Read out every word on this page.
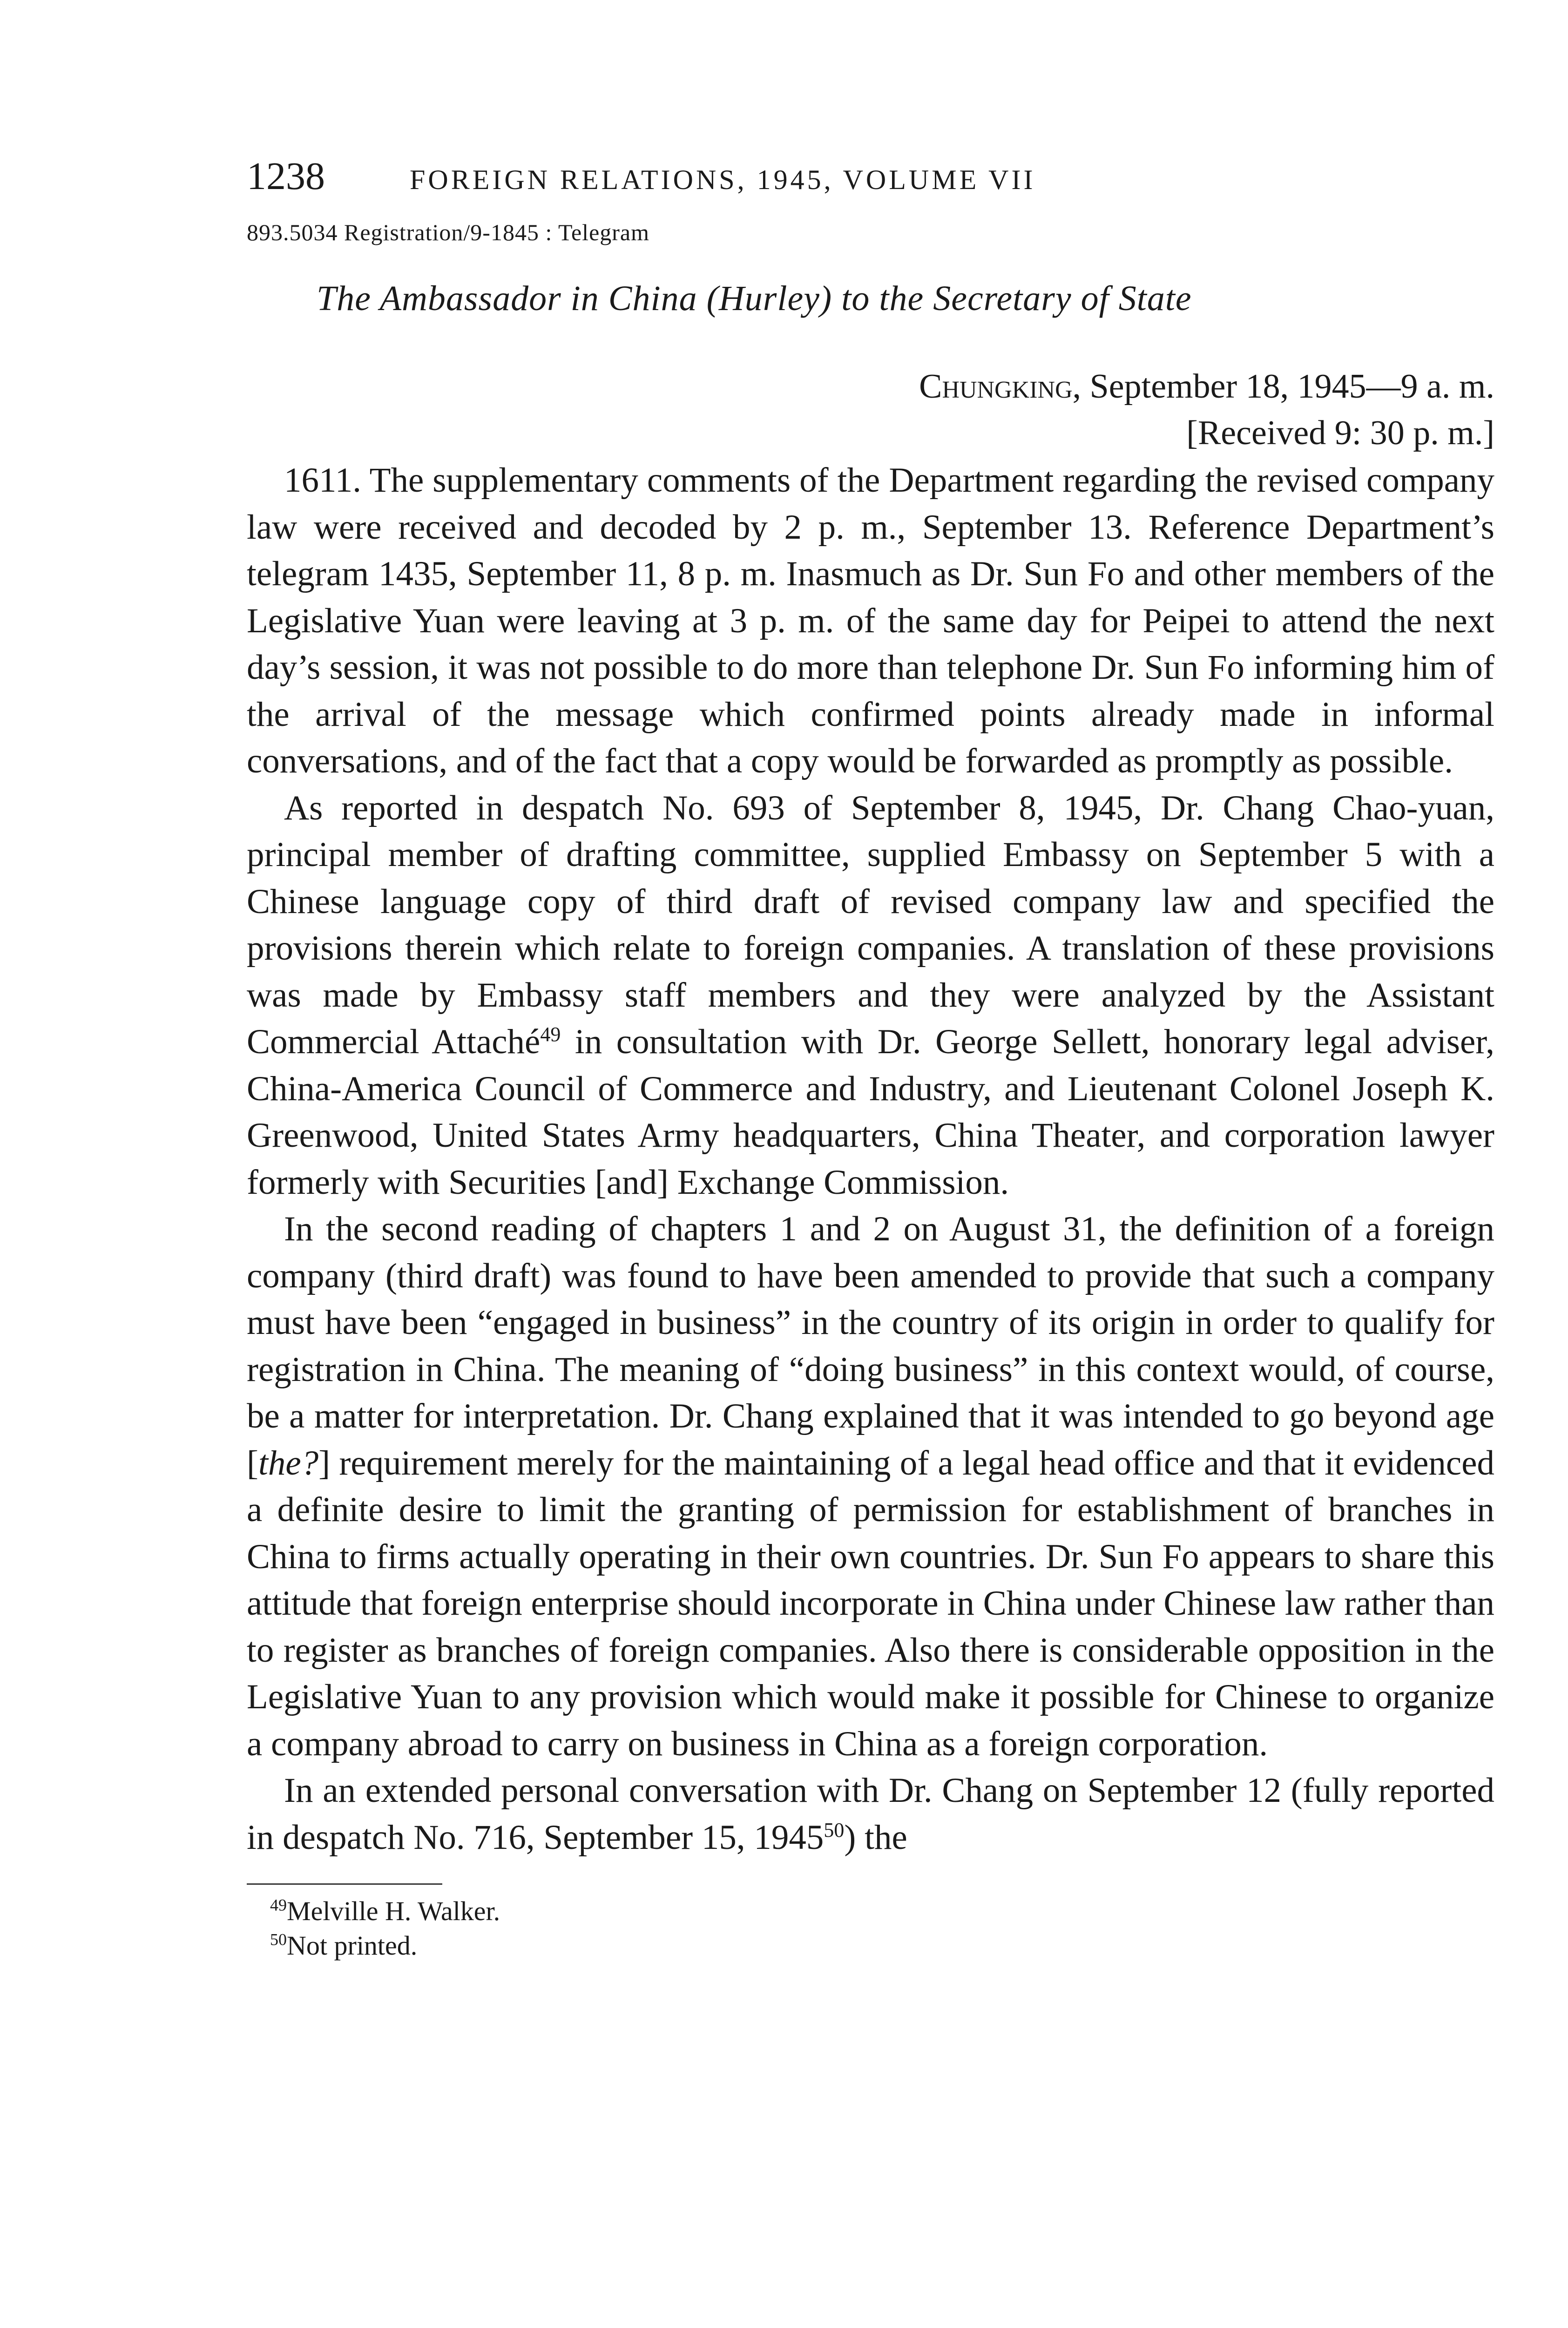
1238	FOREIGN RELATIONS, 1945, VOLUME VII
893.5034 Registration/9-1845 : Telegram
The Ambassador in China (Hurley) to the Secretary of State
Chungking, September 18, 1945—9 a. m.
[Received 9: 30 p. m.]

1611. The supplementary comments of the Department regarding the revised company law were received and decoded by 2 p. m., September 13. Reference Department’s telegram 1435, September 11, 8 p. m. Inasmuch as Dr. Sun Fo and other members of the Legislative Yuan were leaving at 3 p. m. of the same day for Peipei to attend the next day’s session, it was not possible to do more than telephone Dr. Sun Fo informing him of the arrival of the message which confirmed points already made in informal conversations, and of the fact that a copy would be forwarded as promptly as possible.

As reported in despatch No. 693 of September 8, 1945, Dr. Chang Chao-yuan, principal member of drafting committee, supplied Embassy on September 5 with a Chinese language copy of third draft of revised company law and specified the provisions therein which relate to foreign companies. A translation of these provisions was made by Embassy staff members and they were analyzed by the Assistant Commercial Attaché$^{49}$ in consultation with Dr. George Sellett, honorary legal adviser, China-America Council of Commerce and Industry, and Lieutenant Colonel Joseph K. Greenwood, United States Army headquarters, China Theater, and corporation lawyer formerly with Securities [and] Exchange Commission.

In the second reading of chapters 1 and 2 on August 31, the definition of a foreign company (third draft) was found to have been amended to provide that such a company must have been “engaged in business” in the country of its origin in order to qualify for registration in China. The meaning of “doing business” in this context would, of course, be a matter for interpretation. Dr. Chang explained that it was intended to go beyond age [the?] requirement merely for the maintaining of a legal head office and that it evidenced a definite desire to limit the granting of permission for establishment of branches in China to firms actually operating in their own countries. Dr. Sun Fo appears to share this attitude that foreign enterprise should incorporate in China under Chinese law rather than to register as branches of foreign companies. Also there is considerable opposition in the Legislative Yuan to any provision which would make it possible for Chinese to organize a company abroad to carry on business in China as a foreign corporation.

In an extended personal conversation with Dr. Chang on September 12 (fully reported in despatch No. 716, September 15, 1945$^{50}$) the

$^{49}$Melville H. Walker.
$^{50}$Not printed.
